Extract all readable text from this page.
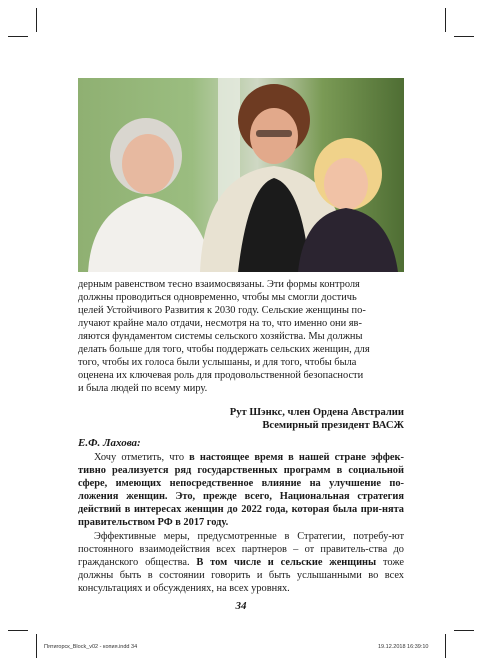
дерным равенством тесно взаимосвязаны. Эти формы контроля

должны проводиться одновременно, чтобы мы смогли достичь

целей Устойчивого Развития к 2030 году. Сельские женщины по-

лучают крайне мало отдачи, несмотря на то, что именно они яв-

ляются фундаментом системы сельского хозяйства. Мы должны

делать больше для того, чтобы поддержать сельских женщин, для

того, чтобы их голоса были услышаны, и для того, чтобы была

оценена их ключевая роль для продовольственной безопасности

и была людей по всему миру.

Рут Шэнкс, член Ордена Австралии
Всемирный президент ВАСЖ
Е.Ф. Лахова:

Хочу отметить, что в настоящее время в нашей стране эффек-тивно реализуется ряд государственных программ в социальной сфере, имеющих непосредственное влияние на улучшение по-ложения женщин. Это, прежде всего, Национальная стратегия действий в интересах женщин до 2022 года, которая была при-нята правительством РФ в 2017 году.

Эффективные меры, предусмотренные в Стратегии, потребу-ют постоянного взаимодействия всех партнеров – от правитель-ства до гражданского общества. В том числе и сельские женщины тоже должны быть в состоянии говорить и быть услышанными во всех консультациях и обсуждениях, на всех уровнях.

34
Пятигорск_Block_v02 - копия.indd 34	19.12.2018 16:39:10
